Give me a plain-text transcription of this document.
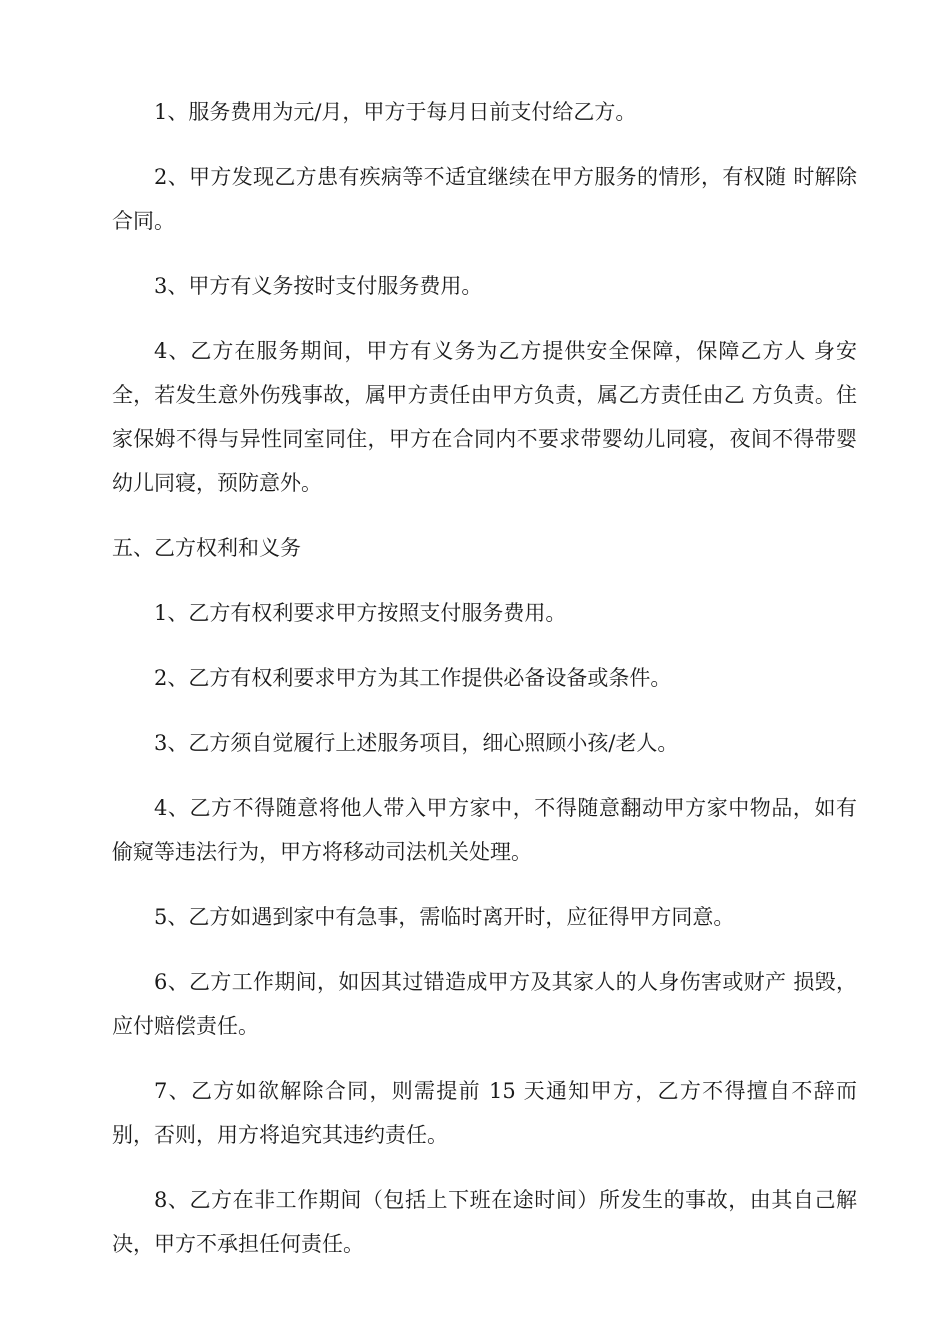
1、服务费用为元/月，甲方于每月日前支付给乙方。

2、甲方发现乙方患有疾病等不适宜继续在甲方服务的情形，有权随 时解除合同。

3、甲方有义务按时支付服务费用。

4、乙方在服务期间，甲方有义务为乙方提供安全保障，保障乙方人 身安全，若发生意外伤残事故，属甲方责任由甲方负责，属乙方责任由乙 方负责。住家保姆不得与异性同室同住，甲方在合同内不要求带婴幼儿同寝，夜间不得带婴幼儿同寝，预防意外。

五、乙方权利和义务

1、乙方有权利要求甲方按照支付服务费用。

2、乙方有权利要求甲方为其工作提供必备设备或条件。

3、乙方须自觉履行上述服务项目，细心照顾小孩/老人。

4、乙方不得随意将他人带入甲方家中，不得随意翻动甲方家中物品，如有偷窥等违法行为，甲方将移动司法机关处理。

5、乙方如遇到家中有急事，需临时离开时，应征得甲方同意。

6、乙方工作期间，如因其过错造成甲方及其家人的人身伤害或财产 损毁，应付赔偿责任。

7、乙方如欲解除合同，则需提前 15 天通知甲方，乙方不得擅自不辞而别，否则，用方将追究其违约责任。

8、乙方在非工作期间（包括上下班在途时间）所发生的事故，由其自己解决，甲方不承担任何责任。
